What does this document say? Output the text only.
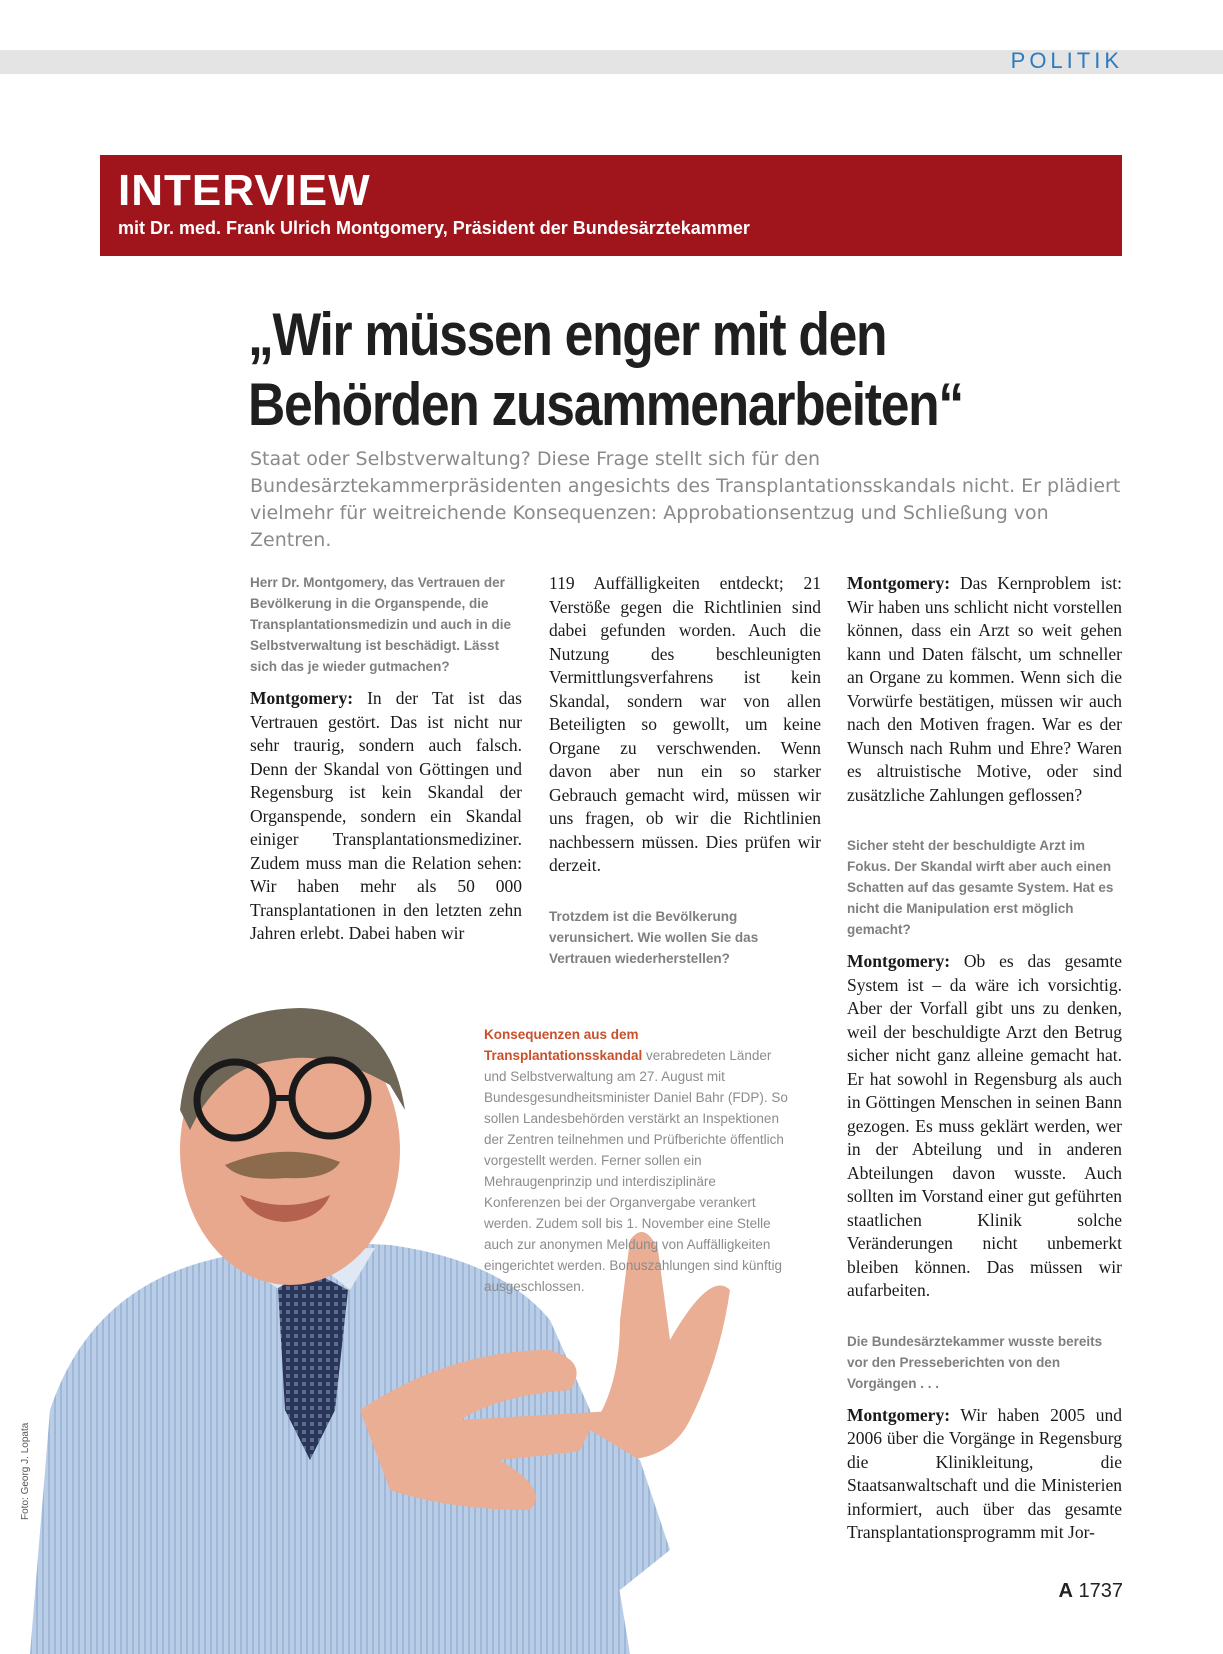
POLITIK
INTERVIEW
mit Dr. med. Frank Ulrich Montgomery, Präsident der Bundesärztekammer
„Wir müssen enger mit den
Behörden zusammenarbeiten“
Staat oder Selbstverwaltung? Diese Frage stellt sich für den Bundesärztekammerpräsidenten angesichts des Transplantationsskandals nicht. Er plädiert vielmehr für weitreichende Konsequenzen: Approbationsentzug und Schließung von Zentren.

Herr Dr. Montgomery, das Vertrauen der Bevölkerung in die Organspende, die Transplantationsmedizin und auch in die Selbstverwaltung ist beschädigt. Lässt sich das je wieder gutmachen?

Montgomery: In der Tat ist das Vertrauen gestört. Das ist nicht nur sehr traurig, sondern auch falsch. Denn der Skandal von Göttingen und Regensburg ist kein Skandal der Organspende, sondern ein Skandal einiger Transplantationsmediziner. Zudem muss man die Relation sehen: Wir haben mehr als 50 000 Transplantationen in den letzten zehn Jahren erlebt. Dabei haben wir

119 Auffälligkeiten entdeckt; 21 Verstöße gegen die Richtlinien sind dabei gefunden worden. Auch die Nutzung des beschleunigten Vermittlungsverfahrens ist kein Skandal, sondern war von allen Beteiligten so gewollt, um keine Organe zu verschwenden. Wenn davon aber nun ein so starker Gebrauch gemacht wird, müssen wir uns fragen, ob wir die Richtlinien nachbessern müssen. Dies prüfen wir derzeit.

Trotzdem ist die Bevölkerung verunsichert. Wie wollen Sie das Vertrauen wiederherstellen?

Montgomery: Das Kernproblem ist: Wir haben uns schlicht nicht vorstellen können, dass ein Arzt so weit gehen kann und Daten fälscht, um schneller an Organe zu kommen. Wenn sich die Vorwürfe bestätigen, müssen wir auch nach den Motiven fragen. War es der Wunsch nach Ruhm und Ehre? Waren es altruistische Motive, oder sind zusätzliche Zahlungen geflossen?

Sicher steht der beschuldigte Arzt im Fokus. Der Skandal wirft aber auch einen Schatten auf das gesamte System. Hat es nicht die Manipulation erst möglich gemacht?

Montgomery: Ob es das gesamte System ist – da wäre ich vorsichtig. Aber der Vorfall gibt uns zu denken, weil der beschuldigte Arzt den Betrug sicher nicht ganz alleine gemacht hat. Er hat sowohl in Regensburg als auch in Göttingen Menschen in seinen Bann gezogen. Es muss geklärt werden, wer in der Abteilung und in anderen Abteilungen davon wusste. Auch sollten im Vorstand einer gut geführten staatlichen Klinik solche Veränderungen nicht unbemerkt bleiben können. Das müssen wir aufarbeiten.

Die Bundesärztekammer wusste bereits vor den Presseberichten von den Vorgängen . . .

Montgomery: Wir haben 2005 und 2006 über die Vorgänge in Regensburg die Klinikleitung, die Staatsanwaltschaft und die Ministerien informiert, auch über das gesamte Transplantationsprogramm mit Jor-

Konsequenzen aus dem Transplantationsskandal verabredeten Länder und Selbstverwaltung am 27. August mit Bundesgesundheitsminister Daniel Bahr (FDP). So sollen Landesbehörden verstärkt an Inspektionen der Zentren teilnehmen und Prüfberichte öffentlich vorgestellt werden. Ferner sollen ein Mehraugenprinzip und interdisziplinäre Konferenzen bei der Organvergabe verankert werden. Zudem soll bis 1. November eine Stelle auch zur anonymen Meldung von Auffälligkeiten eingerichtet werden. Bonuszahlungen sind künftig ausgeschlossen.
Foto: Georg J. Lopata
A 1737
